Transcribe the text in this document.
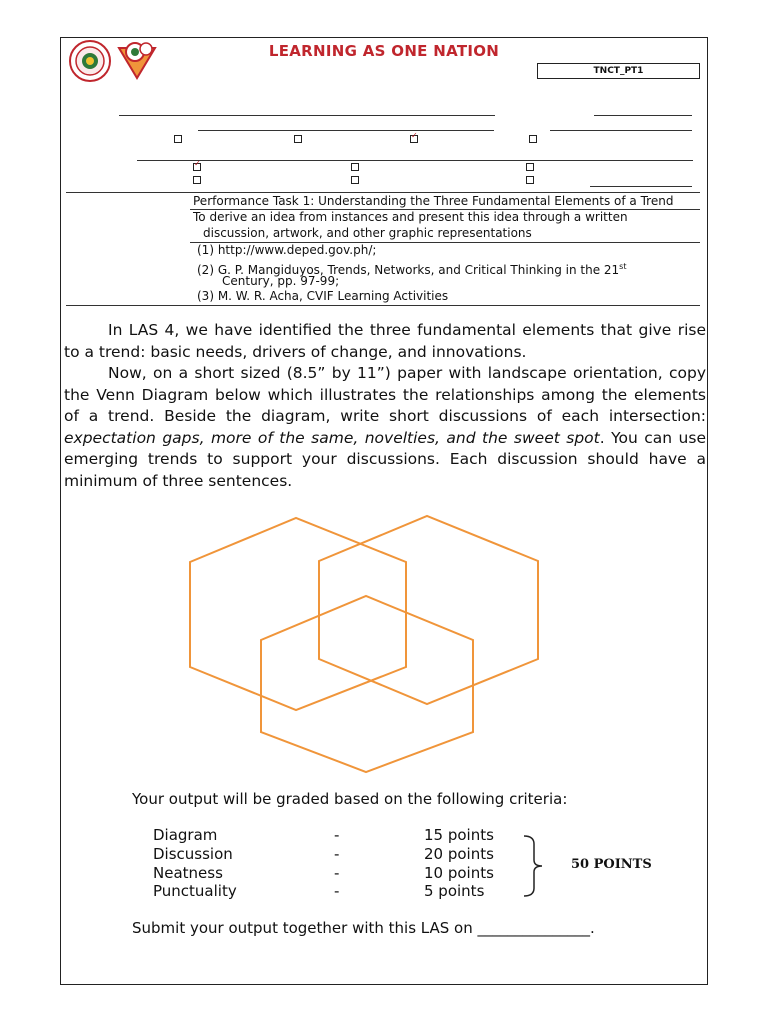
LEARNING AS ONE NATION
TNCT_PT1
✓
✓
Performance Task 1: Understanding the Three Fundamental Elements of a Trend
To derive an idea from instances and present this idea through a written
discussion, artwork, and other graphic representations
(1) http://www.deped.gov.ph/;
(2) G. P. Mangiduyos, Trends, Networks, and Critical Thinking in the 21st
Century, pp. 97-99;
(3) M. W. R. Acha, CVIF Learning Activities

In LAS 4, we have identified the three fundamental elements that give rise to a trend: basic needs, drivers of change, and innovations.

Now, on a short sized (8.5” by 11”) paper with landscape orientation, copy the Venn Diagram below which illustrates the relationships among the elements of a trend. Beside the diagram, write short discussions of each intersection: expectation gaps, more of the same, novelties, and the sweet spot. You can use emerging trends to support your discussions. Each discussion should have a minimum of three sentences.

Your output will be graded based on the following criteria:
Diagram	-	15 points
Discussion	-	20 points
Neatness	-	10 points
Punctuality	-	5 points
50 POINTS
Submit your output together with this LAS on _______________.
